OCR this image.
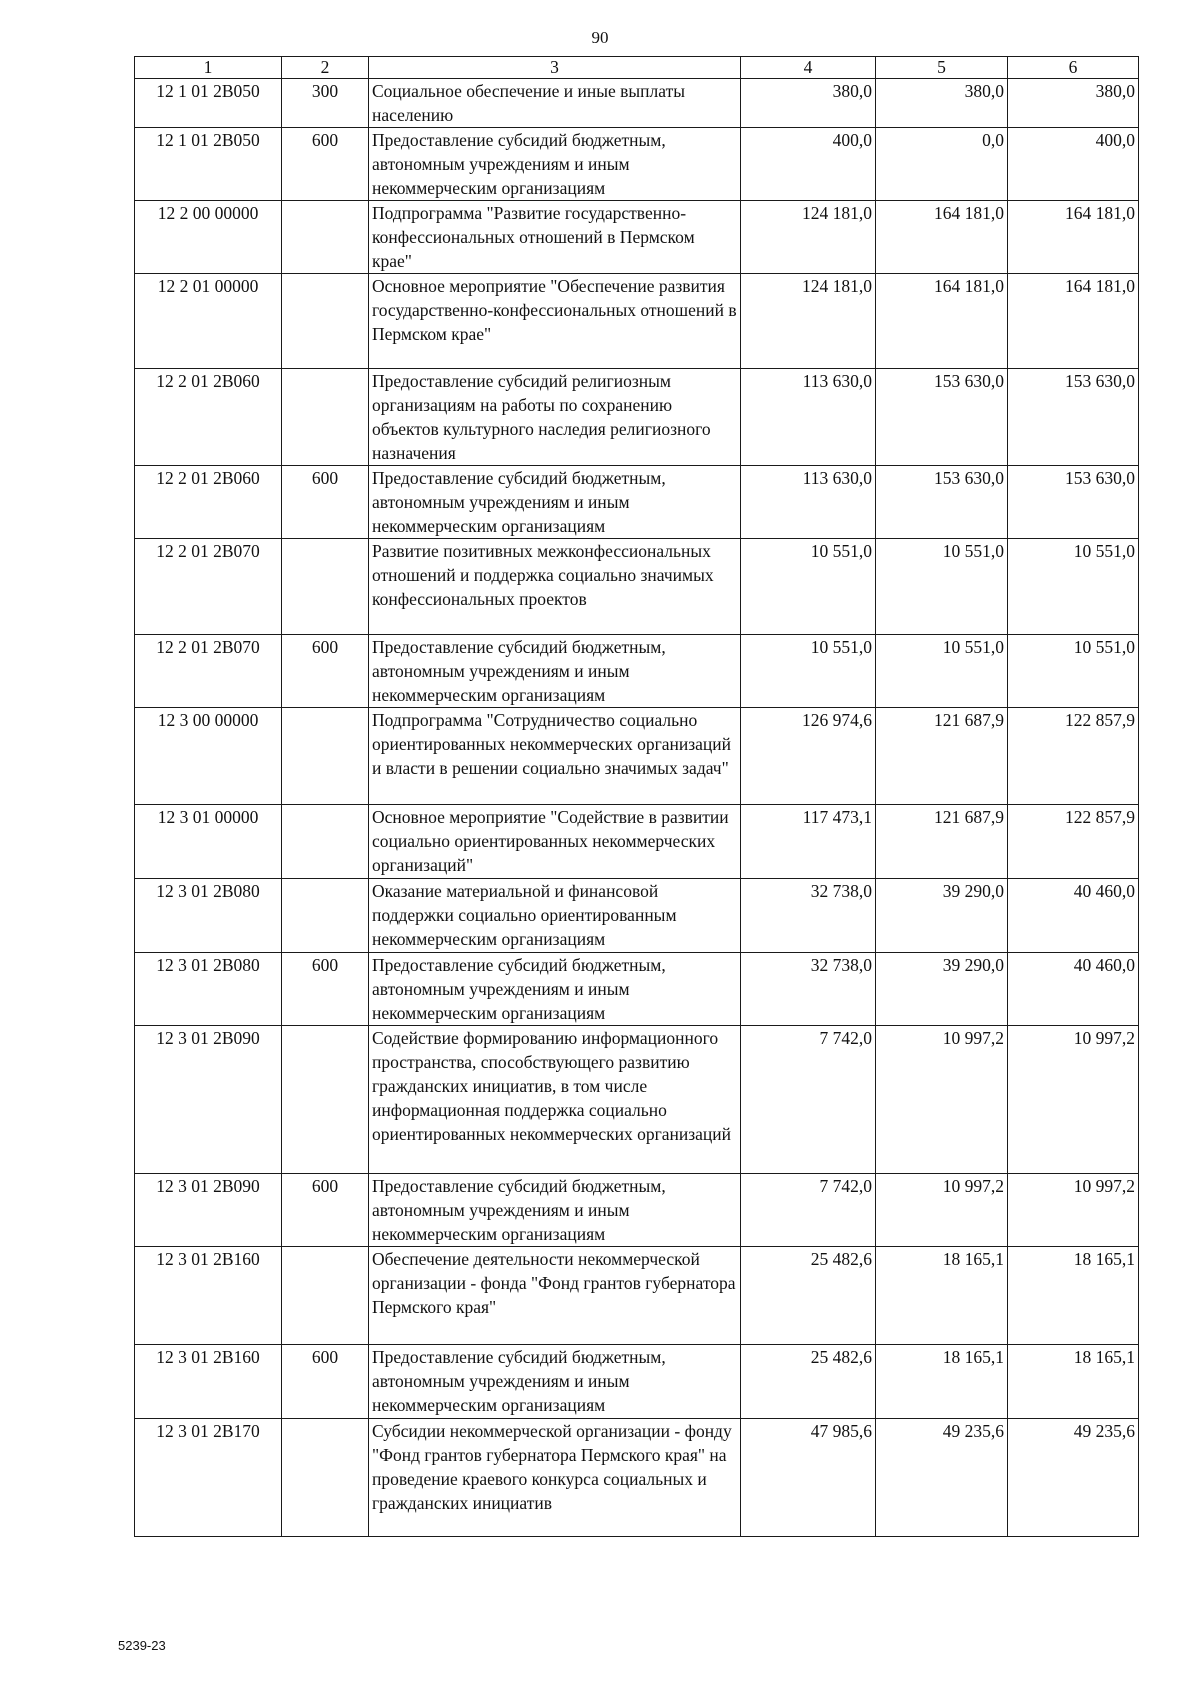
90
1	2	3	4	5	6
12 1 01 2В050	300	Социальное обеспечение и иные выплаты населению	380,0	380,0	380,0
12 1 01 2В050	600	Предоставление субсидий бюджетным, автономным учреждениям и иным некоммерческим организациям	400,0	0,0	400,0
12 2 00 00000		Подпрограмма "Развитие государственно-конфессиональных отношений в Пермском крае"	124 181,0	164 181,0	164 181,0
12 2 01 00000		Основное мероприятие "Обеспечение развития государственно-конфессиональных отношений в Пермском крае"	124 181,0	164 181,0	164 181,0
12 2 01 2В060		Предоставление субсидий религиозным организациям на работы по сохранению объектов культурного наследия религиозного назначения	113 630,0	153 630,0	153 630,0
12 2 01 2В060	600	Предоставление субсидий бюджетным, автономным учреждениям и иным некоммерческим организациям	113 630,0	153 630,0	153 630,0
12 2 01 2В070		Развитие позитивных межконфессиональных отношений и поддержка социально значимых конфессиональных проектов	10 551,0	10 551,0	10 551,0
12 2 01 2В070	600	Предоставление субсидий бюджетным, автономным учреждениям и иным некоммерческим организациям	10 551,0	10 551,0	10 551,0
12 3 00 00000		Подпрограмма "Сотрудничество социально ориентированных некоммерческих организаций и власти в решении социально значимых задач"	126 974,6	121 687,9	122 857,9
12 3 01 00000		Основное мероприятие "Содействие в развитии социально ориентированных некоммерческих организаций"	117 473,1	121 687,9	122 857,9
12 3 01 2В080		Оказание материальной и финансовой поддержки социально ориентированным некоммерческим организациям	32 738,0	39 290,0	40 460,0
12 3 01 2В080	600	Предоставление субсидий бюджетным, автономным учреждениям и иным некоммерческим организациям	32 738,0	39 290,0	40 460,0
12 3 01 2В090		Содействие формированию информационного пространства, способствующего развитию гражданских инициатив, в том числе информационная поддержка социально ориентированных некоммерческих организаций	7 742,0	10 997,2	10 997,2
12 3 01 2В090	600	Предоставление субсидий бюджетным, автономным учреждениям и иным некоммерческим организациям	7 742,0	10 997,2	10 997,2
12 3 01 2В160		Обеспечение деятельности некоммерческой организации - фонда "Фонд грантов губернатора Пермского края"	25 482,6	18 165,1	18 165,1
12 3 01 2В160	600	Предоставление субсидий бюджетным, автономным учреждениям и иным некоммерческим организациям	25 482,6	18 165,1	18 165,1
12 3 01 2В170		Субсидии некоммерческой организации - фонду "Фонд грантов губернатора Пермского края" на проведение краевого конкурса социальных и гражданских инициатив	47 985,6	49 235,6	49 235,6
5239-23
